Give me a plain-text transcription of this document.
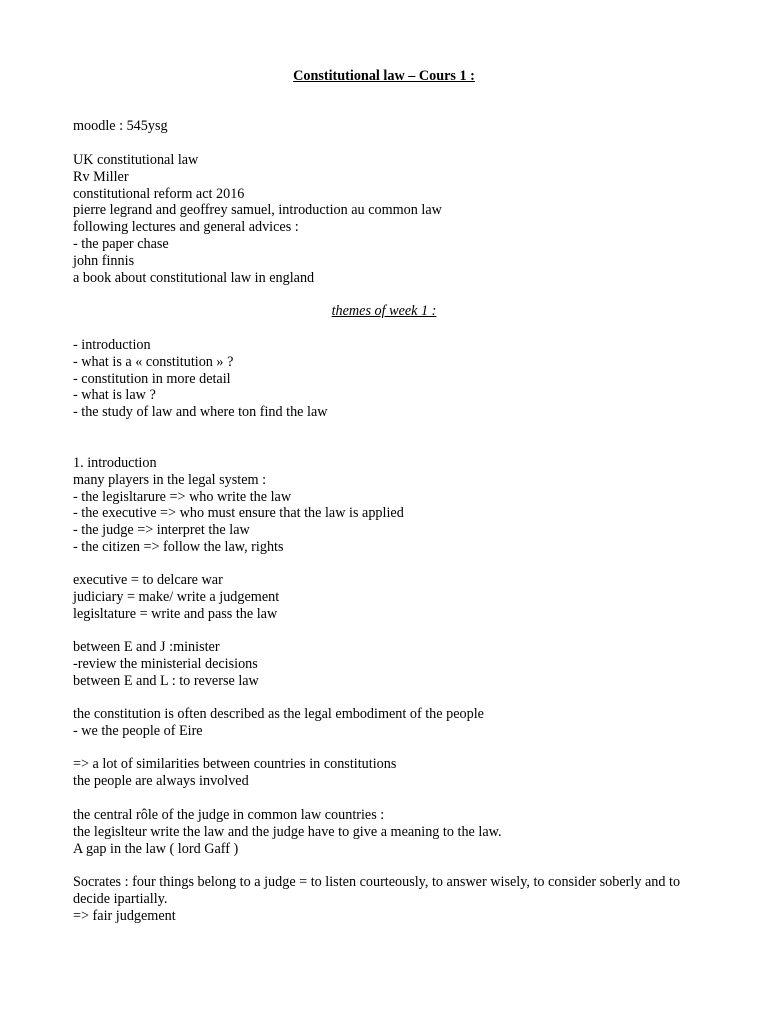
Constitutional law – Cours 1 :
moodle : 545ysg
UK constitutional law
Rv Miller
constitutional reform act 2016
pierre legrand and geoffrey samuel, introduction au common law
following lectures and general advices :
- the paper chase
john finnis
a book about constitutional law in england
themes of week 1 :
- introduction
- what is a « constitution » ?
- constitution in more detail
- what is law ?
- the study of law and where ton find the law
1. introduction
many players in the legal system :
- the legisltarure => who write the law
- the executive => who must ensure that the law is applied
- the judge => interpret the law
- the citizen => follow the law, rights
executive = to delcare war
judiciary = make/ write a judgement
legisltature = write and pass the law
between E and J :minister
-review the ministerial decisions
between E and L : to reverse law
the constitution is often described as the legal embodiment of the people
- we the people of Eire
=> a lot of similarities between countries in constitutions
the people are always involved
the central rôle of the judge in common law countries :
the legislteur write the law and the judge have to give a meaning to the law.
A gap in the law ( lord Gaff )
Socrates : four things belong to a judge = to listen courteously, to answer wisely, to consider soberly and to decide ipartially.
=> fair judgement
